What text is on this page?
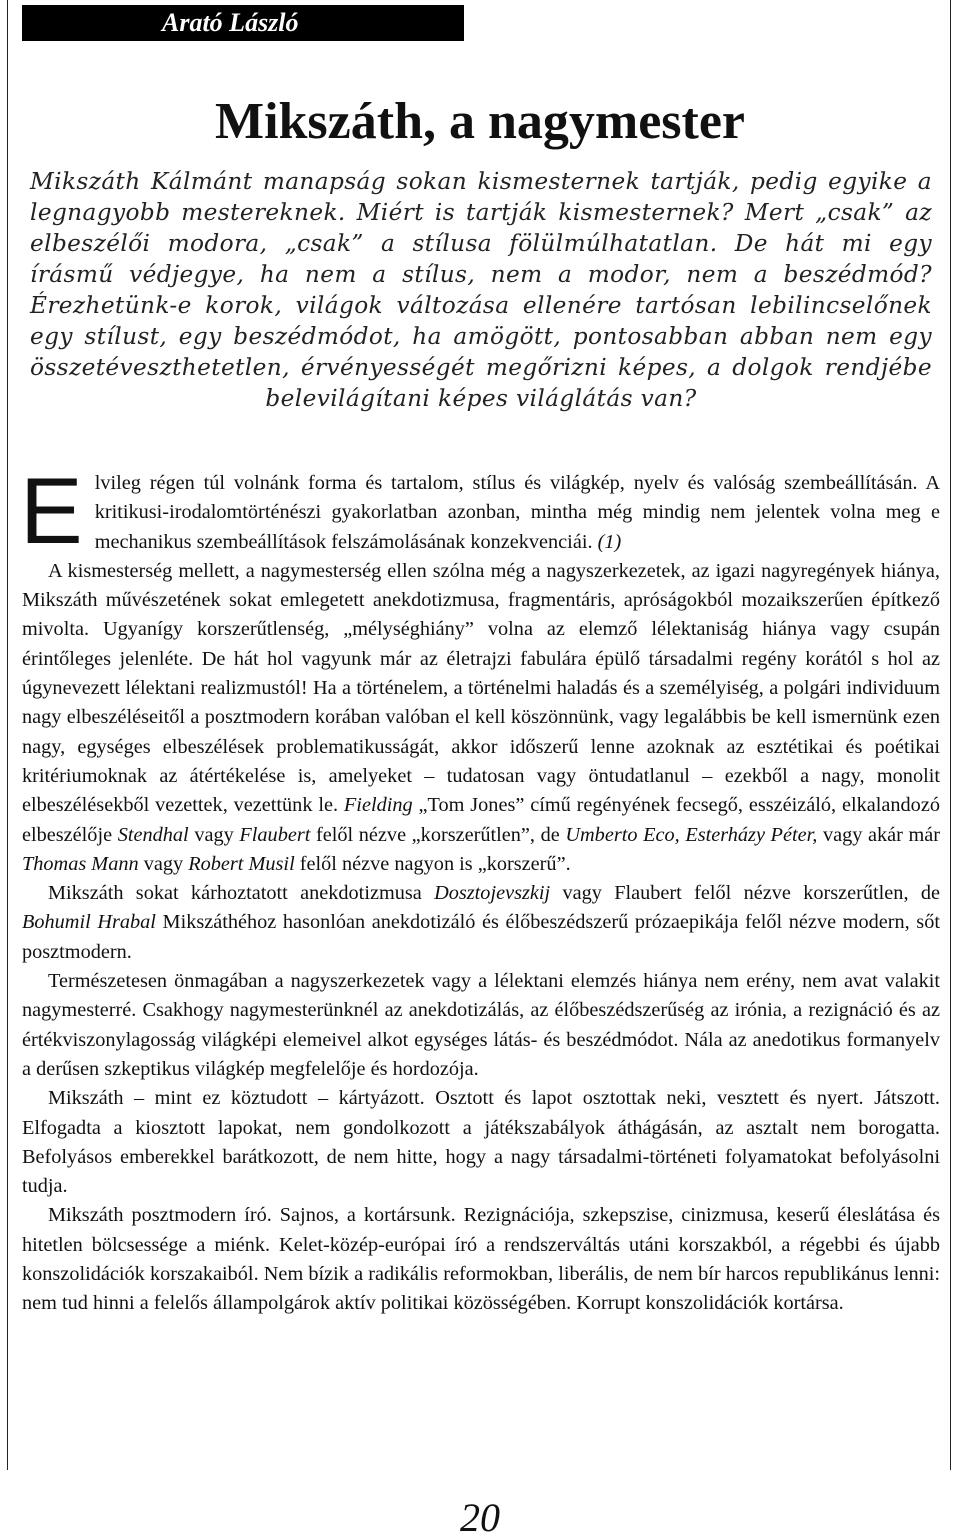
Arató László
Mikszáth, a nagymester
Mikszáth Kálmánt manapság sokan kismesternek tartják, pedig egyike a legnagyobb mestereknek. Miért is tartják kismesternek? Mert „csak” az elbeszélői modora, „csak” a stílusa fölülmúlhatatlan. De hát mi egy írásmű védjegye, ha nem a stílus, nem a modor, nem a beszédmód? Érezhetünk-e korok, világok változása ellenére tartósan lebilincselőnek egy stílust, egy beszédmódot, ha amögött, pontosabban abban nem egy összetéveszthetetlen, érvényességét megőrizni képes, a dolgok rendjébe belevilágítani képes világlátás van?

Elvileg régen túl volnánk forma és tartalom, stílus és világkép, nyelv és valóság szembeállításán. A kritikusi-irodalomtörténészi gyakorlatban azonban, mintha még mindig nem jelentek volna meg e mechanikus szembeállítások felszámolásának konzekvenciái. (1)

A kismesterség mellett, a nagymesterség ellen szólna még a nagyszerkezetek, az igazi nagyregények hiánya, Mikszáth művészetének sokat emlegetett anekdotizmusa, fragmentáris, apróságokból mozaikszerűen építkező mivolta. Ugyanígy korszerűtlenség, „mélységhiány” volna az elemző lélektaniság hiánya vagy csupán érintőleges jelenléte. De hát hol vagyunk már az életrajzi fabulára épülő társadalmi regény korától s hol az úgynevezett lélektani realizmustól! Ha a történelem, a történelmi haladás és a személyiség, a polgári individuum nagy elbeszéléseitől a posztmodern korában valóban el kell köszönnünk, vagy legalábbis be kell ismernünk ezen nagy, egységes elbeszélések problematikusságát, akkor időszerű lenne azoknak az esztétikai és poétikai kritériumoknak az átértékelése is, amelyeket – tudatosan vagy öntudatlanul – ezekből a nagy, monolit elbeszélésekből vezettek, vezettünk le. Fielding „Tom Jones” című regényének fecsegő, esszéizáló, elkalandozó elbeszélője Stendhal vagy Flaubert felől nézve „korszerűtlen”, de Umberto Eco, Esterházy Péter, vagy akár már Thomas Mann vagy Robert Musil felől nézve nagyon is „korszerű”.

Mikszáth sokat kárhoztatott anekdotizmusa Dosztojevszkij vagy Flaubert felől nézve korszerűtlen, de Bohumil Hrabal Mikszáthéhoz hasonlóan anekdotizáló és élőbeszédszerű prózaepikája felől nézve modern, sőt posztmodern.

Természetesen önmagában a nagyszerkezetek vagy a lélektani elemzés hiánya nem erény, nem avat valakit nagymesterré. Csakhogy nagymesterünknél az anekdotizálás, az élőbeszédszerűség az irónia, a rezignáció és az értékviszonylagosság világképi elemeivel alkot egységes látás- és beszédmódot. Nála az anedotikus formanyelv a derűsen szkeptikus világkép megfelelője és hordozója.

Mikszáth – mint ez köztudott – kártyázott. Osztott és lapot osztottak neki, vesztett és nyert. Játszott. Elfogadta a kiosztott lapokat, nem gondolkozott a játékszabályok áthágásán, az asztalt nem borogatta. Befolyásos emberekkel barátkozott, de nem hitte, hogy a nagy társadalmi-történeti folyamatokat befolyásolni tudja.

Mikszáth posztmodern író. Sajnos, a kortársunk. Rezignációja, szkepszise, cinizmusa, keserű éleslátása és hitetlen bölcsessége a miénk. Kelet-közép-európai író a rendszerváltás utáni korszakból, a régebbi és újabb konszolidációk korszakaiból. Nem bízik a radikális reformokban, liberális, de nem bír harcos republikánus lenni: nem tud hinni a felelős állampolgárok aktív politikai közösségében. Korrupt konszolidációk kortársa.

20
